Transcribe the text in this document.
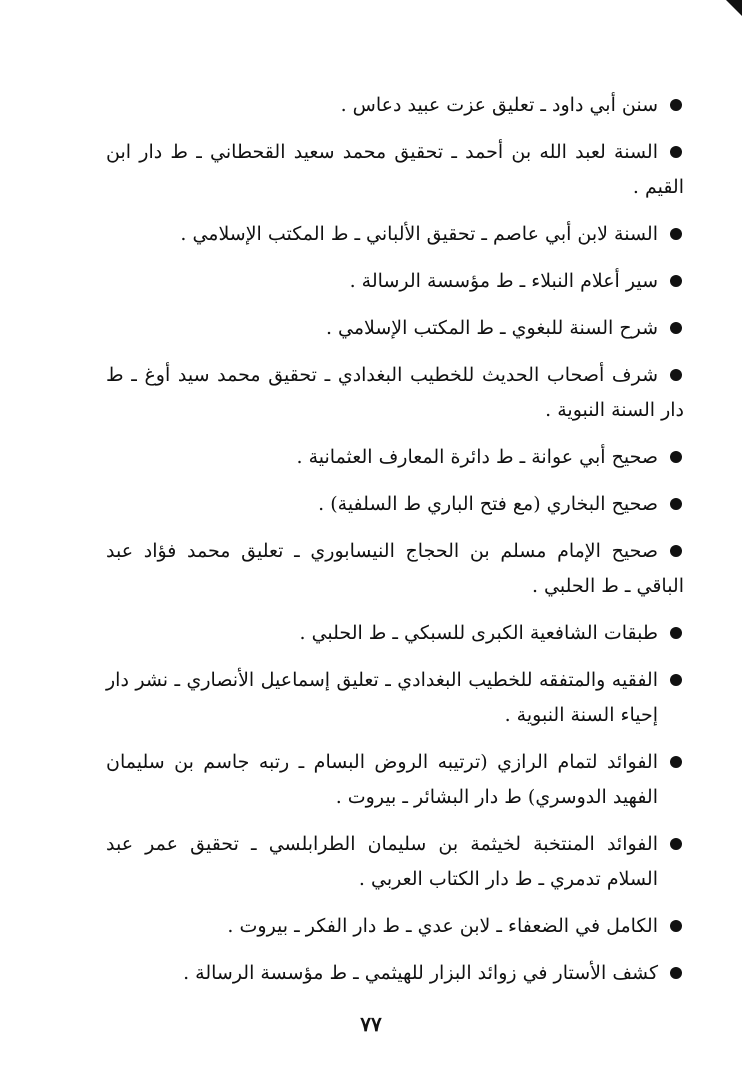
سنن أبي داود ـ تعليق عزت عبيد دعاس .
السنة لعبد الله بن أحمد ـ تحقيق محمد سعيد القحطاني ـ ط دار ابن القيم .
السنة لابن أبي عاصم ـ تحقيق الألباني ـ ط المكتب الإسلامي .
سير أعلام النبلاء ـ ط مؤسسة الرسالة .
شرح السنة للبغوي ـ ط المكتب الإسلامي .
شرف أصحاب الحديث للخطيب البغدادي ـ تحقيق محمد سيد أوغ ـ ط دار السنة النبوية .
صحيح أبي عوانة ـ ط دائرة المعارف العثمانية .
صحيح البخاري (مع فتح الباري ط السلفية) .
صحيح الإمام مسلم بن الحجاج النيسابوري ـ تعليق محمد فؤاد عبد الباقي ـ ط الحلبي .
طبقات الشافعية الكبرى للسبكي ـ ط الحلبي .
الفقيه والمتفقه للخطيب البغدادي ـ تعليق إسماعيل الأنصاري ـ نشر دار إحياء السنة النبوية .
الفوائد لتمام الرازي (ترتيبه الروض البسام ـ رتبه جاسم بن سليمان الفهيد الدوسري) ط دار البشائر ـ بيروت .
الفوائد المنتخبة لخيثمة بن سليمان الطرابلسي ـ تحقيق عمر عبد السلام تدمري ـ ط دار الكتاب العربي .
الكامل في الضعفاء ـ لابن عدي ـ ط دار الفكر ـ بيروت .
كشف الأستار في زوائد البزار للهيثمي ـ ط مؤسسة الرسالة .
٧٧
